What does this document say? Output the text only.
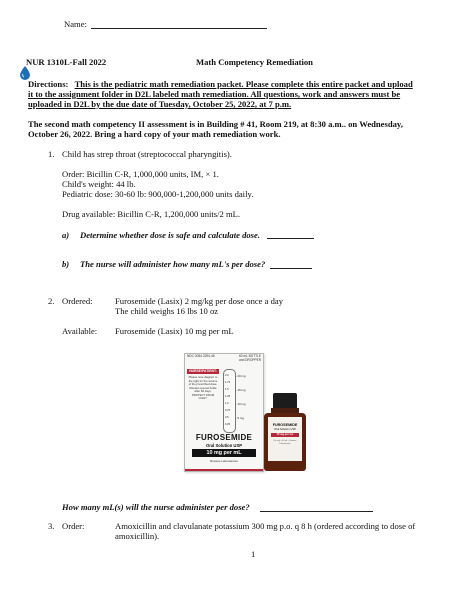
Name:
NUR 1310L-Fall 2022	Math Competency Remediation
Directions: This is the pediatric math remediation packet. Please complete this entire packet and upload
it to the assignment folder in D2L labeled math remediation. All questions, work and answers must be
uploaded in D2L by the due date of Tuesday, October 25, 2022, at 7 p.m.
The second math competency II assessment is in Building # 41, Room 219, at 8:30 a.m.. on Wednesday,
October 26, 2022. Bring a hard copy of your math remediation work.
1. Child has strep throat (streptococcal pharyngitis).
Order: Bicillin C-R, 1,000,000 units, IM, × 1.
Child's weight: 44 lb.
Pediatric dose: 30-60 lb: 900,000-1,200,000 units daily.
Drug available: Bicillin C-R, 1,200,000 units/2 mL.
a) Determine whether dose is safe and calculate dose.
b) The nurse will administer how many mL's per dose?
2. Ordered:	Furosemide (Lasix) 2 mg/kg per dose once a day
The child weighs 16 lbs 10 oz
Available: Furosemide (Lasix) 10 mg per mL
NDC 0054-3294-46	60 mL BOTTLE and DROPPER
NURSE/PATIENT:
Please note diagram to the right for the volume of the prescribed dose. Discard opened bottle after 60 days. PROTECT FROM LIGHT.
2.0
1.75
1.5
1.25
1.0
0.75
0.5
0.25
− 20 mg
− 15 mg
− 10 mg
− 5 mg
FUROSEMIDE
Oral Solution USP
10 mg per mL
Roxane Laboratories
FUROSEMIDE
Oral Solution USP
10 mg per mL
Rx only • 60 mL • Roxane Laboratories
How many mL(s) will the nurse administer per dose?
3. Order:	Amoxicillin and clavulanate potassium 300 mg p.o. q 8 h (ordered according to dose of
amoxicillin).
1
